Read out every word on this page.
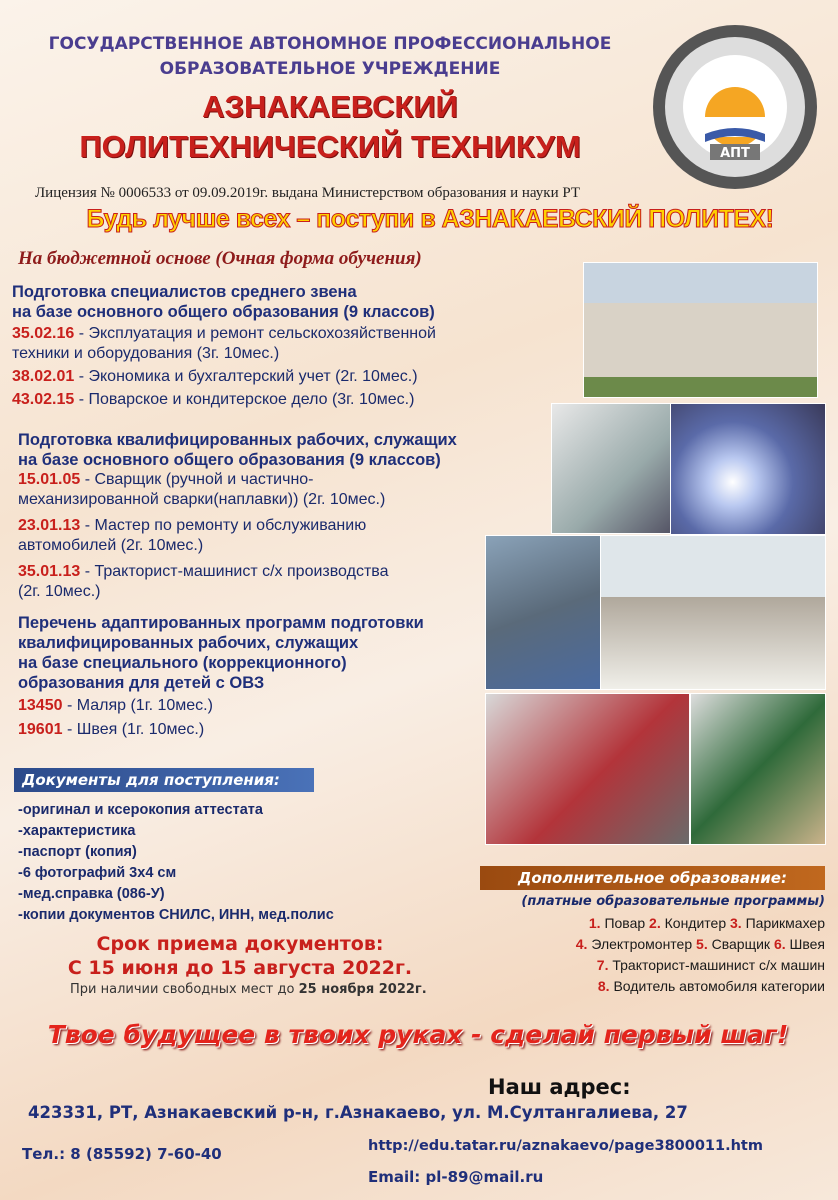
ГОСУДАРСТВЕННОЕ АВТОНОМНОЕ ПРОФЕССИОНАЛЬНОЕ
ОБРАЗОВАТЕЛЬНОЕ УЧРЕЖДЕНИЕ
АЗНАКАЕВСКИЙ
ПОЛИТЕХНИЧЕСКИЙ ТЕХНИКУМ	АПТ
Лицензия № 0006533 от 09.09.2019г. выдана Министерством образования и науки РТ
Будь лучше всех – поступи в АЗНАКАЕВСКИЙ ПОЛИТЕХ!
На бюджетной основе (Очная форма обучения)
Подготовка специалистов среднего звена
на базе основного общего образования (9 классов)
35.02.16 - Эксплуатация и ремонт сельскохозяйственной
техники и оборудования (3г. 10мес.)
38.02.01 - Экономика и бухгалтерский учет (2г. 10мес.)
43.02.15 - Поварское и кондитерское дело (3г. 10мес.)
Подготовка квалифицированных рабочих, служащих
на базе основного общего образования (9 классов)
15.01.05 - Сварщик (ручной и частично-
механизированной сварки(наплавки)) (2г. 10мес.)
23.01.13 - Мастер по ремонту и обслуживанию
автомобилей (2г. 10мес.)
35.01.13 - Тракторист-машинист с/х производства
(2г. 10мес.)
Перечень адаптированных программ подготовки
квалифицированных рабочих, служащих
на базе специального (коррекционного)
образования для детей с ОВЗ
13450 - Маляр (1г. 10мес.)
19601 - Швея (1г. 10мес.)
Документы для поступления:
-оригинал и ксерокопия аттестата
-характеристика
-паспорт (копия)
-6 фотографий 3х4 см
-мед.справка (086-У)
-копии документов СНИЛС, ИНН, мед.полис
Дополнительное образование:
(платные образовательные программы)
1. Повар 2. Кондитер 3. Парикмахер
4. Электромонтер 5. Сварщик 6. Швея
7. Тракторист-машинист с/х машин
8. Водитель автомобиля категории
Срок приема документов:
С 15 июня до 15 августа 2022г.
При наличии свободных мест до 25 ноября 2022г.
Твое будущее в твоих руках - сделай первый шаг!
Наш адрес:
423331, РТ, Азнакаевский р-н, г.Азнакаево, ул. М.Султангалиева, 27
Тел.: 8 (85592) 7-60-40	http://edu.tatar.ru/aznakaevo/page3800011.htm
Email: pl-89@mail.ru
